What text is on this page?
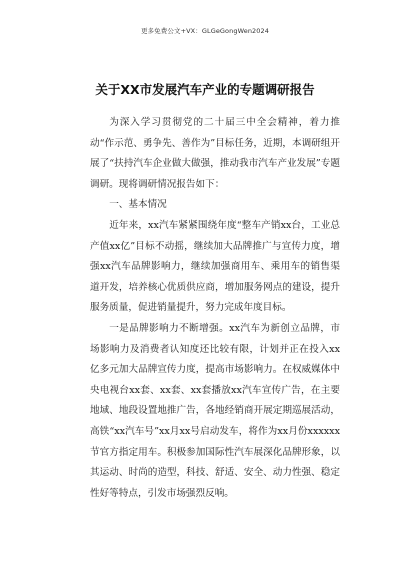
更多免费公文+VX：GLGeGongWen2024
关于XX市发展汽车产业的专题调研报告

为深入学习贯彻党的二十届三中全会精神，着力推动“作示范、勇争先、善作为”目标任务，近期，本调研组开展了“扶持汽车企业做大做强，推动我市汽车产业发展”专题调研。现将调研情况报告如下：

一、基本情况

近年来，xx汽车紧紧围绕年度“整车产销xx台，工业总产值xx亿”目标不动摇，继续加大品牌推广与宣传力度，增强xx汽车品牌影响力，继续加强商用车、乘用车的销售渠道开发，培养核心优质供应商，增加服务网点的建设，提升服务质量，促进销量提升，努力完成年度目标。

一是品牌影响力不断增强。xx汽车为新创立品牌，市场影响力及消费者认知度还比较有限，计划并正在投入xx亿多元加大品牌宣传力度，提高市场影响力。在权威媒体中央电视台xx套、xx套、xx套播放xx汽车宣传广告，在主要地域、地段设置地推广告，各地经销商开展定期巡展活动，高铁“xx汽车号”xx月xx号启动发车，将作为xx月份xxxxxx节官方指定用车。积极参加国际性汽车展深化品牌形象，以其运动、时尚的造型，科技、舒适、安全、动力性强、稳定性好等特点，引发市场强烈反响。
